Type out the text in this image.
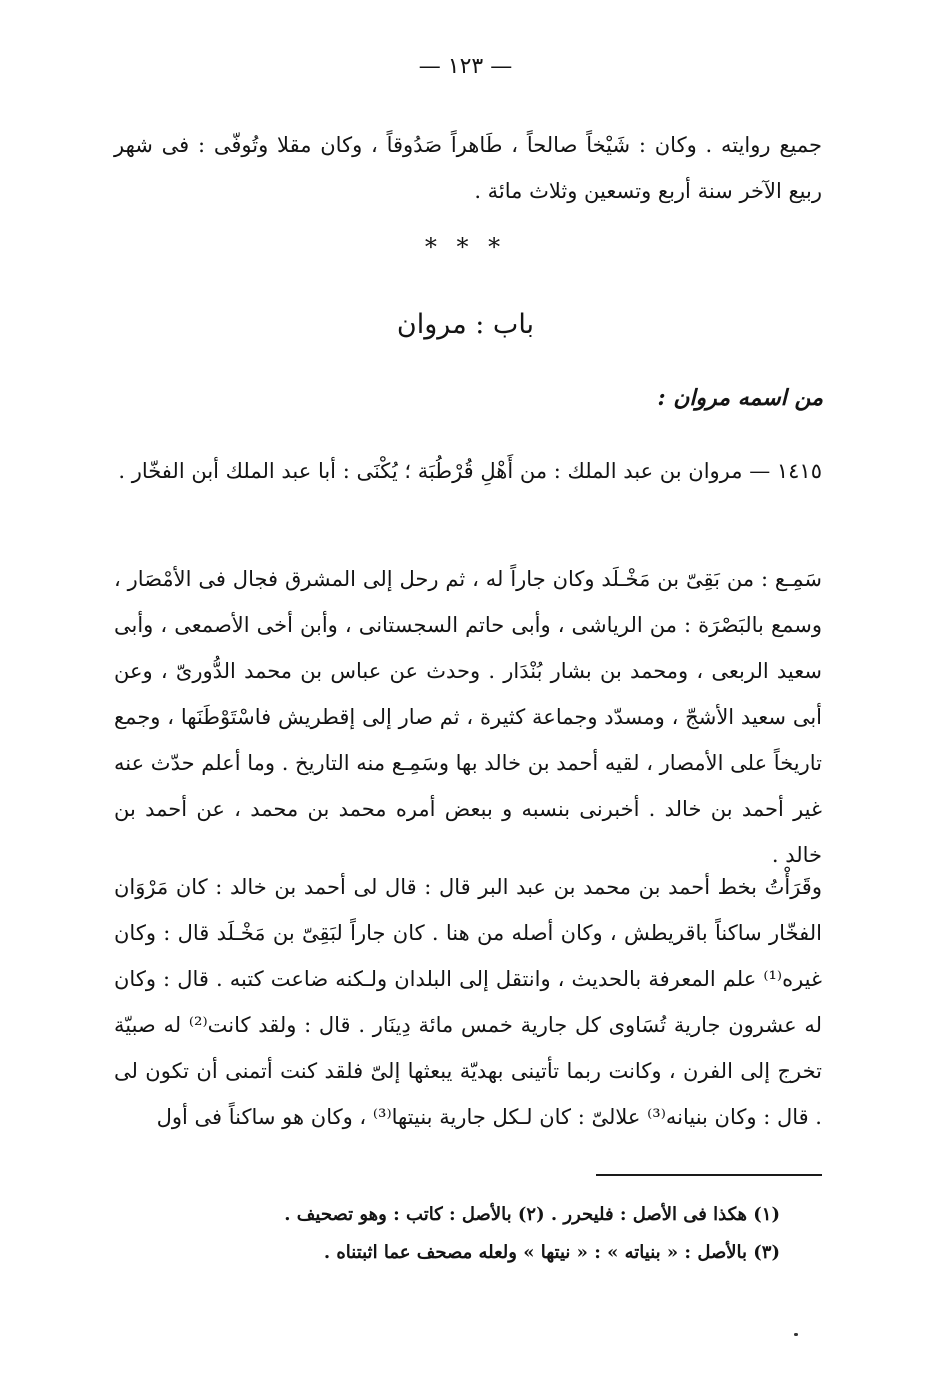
— ١٢٣ —

جميع روايته . وكان : شَيْخاً صالحاً ، طَاهراً صَدُوقاً ، وكان مقلا وتُوفّى : فى شهر ربيع الآخر سنة أربع وتسعين وثلاث مائة .

* * *
باب : مروان

من اسمه مروان :

١٤١٥ — مروان بن عبد الملك : من أَهْلِ قُرْطُبَة ؛ يُكْنَى : أبا عبد الملك أبن الفخّار .

سَمِـع : من بَقِىّ بن مَخْـلَد وكان جاراً له ، ثم رحل إلى المشرق فجال فى الأمْصَار ، وسمع بالبَصْرَة : من الرياشى ، وأبى حاتم السجستانى ، وأبن أخى الأصمعى ، وأبى سعيد الربعى ، ومحمد بن بشار بُنْدَار . وحدث عن عباس بن محمد الدُّورىّ ، وعن أبى سعيد الأشجّ ، ومسدّد وجماعة كثيرة ، ثم صار إلى إقطريش فاسْتَوْطَنَها ، وجمع تاريخاً على الأمصار ، لقيه أحمد بن خالد بها وسَمِـع منه التاريخ . وما أعلم حدّث عنه غير أحمد بن خالد . أخبرنى بنسبه و ببعض أمره محمد بن محمد ، عن أحمد بن خالد .

وقَرَأْتُ بخط أحمد بن محمد بن عبد البر قال : قال لى أحمد بن خالد : كان مَرْوَان الفخّار ساكناً باقريطش ، وكان أصله من هنا . كان جاراً لبَقِىّ بن مَخْـلَد قال : وكان غيره⁽¹⁾ علم المعرفة بالحديث ، وانتقل إلى البلدان ولـكنه ضاعت كتبه . قال : وكان له عشرون جارية تُسَاوى كل جارية خمس مائة دِينَار . قال : ولقد كانت⁽²⁾ له صبيّة تخرج إلى الفرن ، وكانت ربما تأتينى بهديّة يبعثها إلىّ فلقد كنت أتمنى أن تكون لى . قال : وكان بنيانه⁽³⁾ علالىّ : كان لـكل جارية بنيتها⁽³⁾ ، وكان هو ساكناً فى أول

(١) هكذا فى الأصل : فليحرر . (٢) بالأصل : كاتب : وهو تصحيف .

(٣) بالأصل : « بنياته » : « نيتها » ولعله مصحف عما اثبتناه .
